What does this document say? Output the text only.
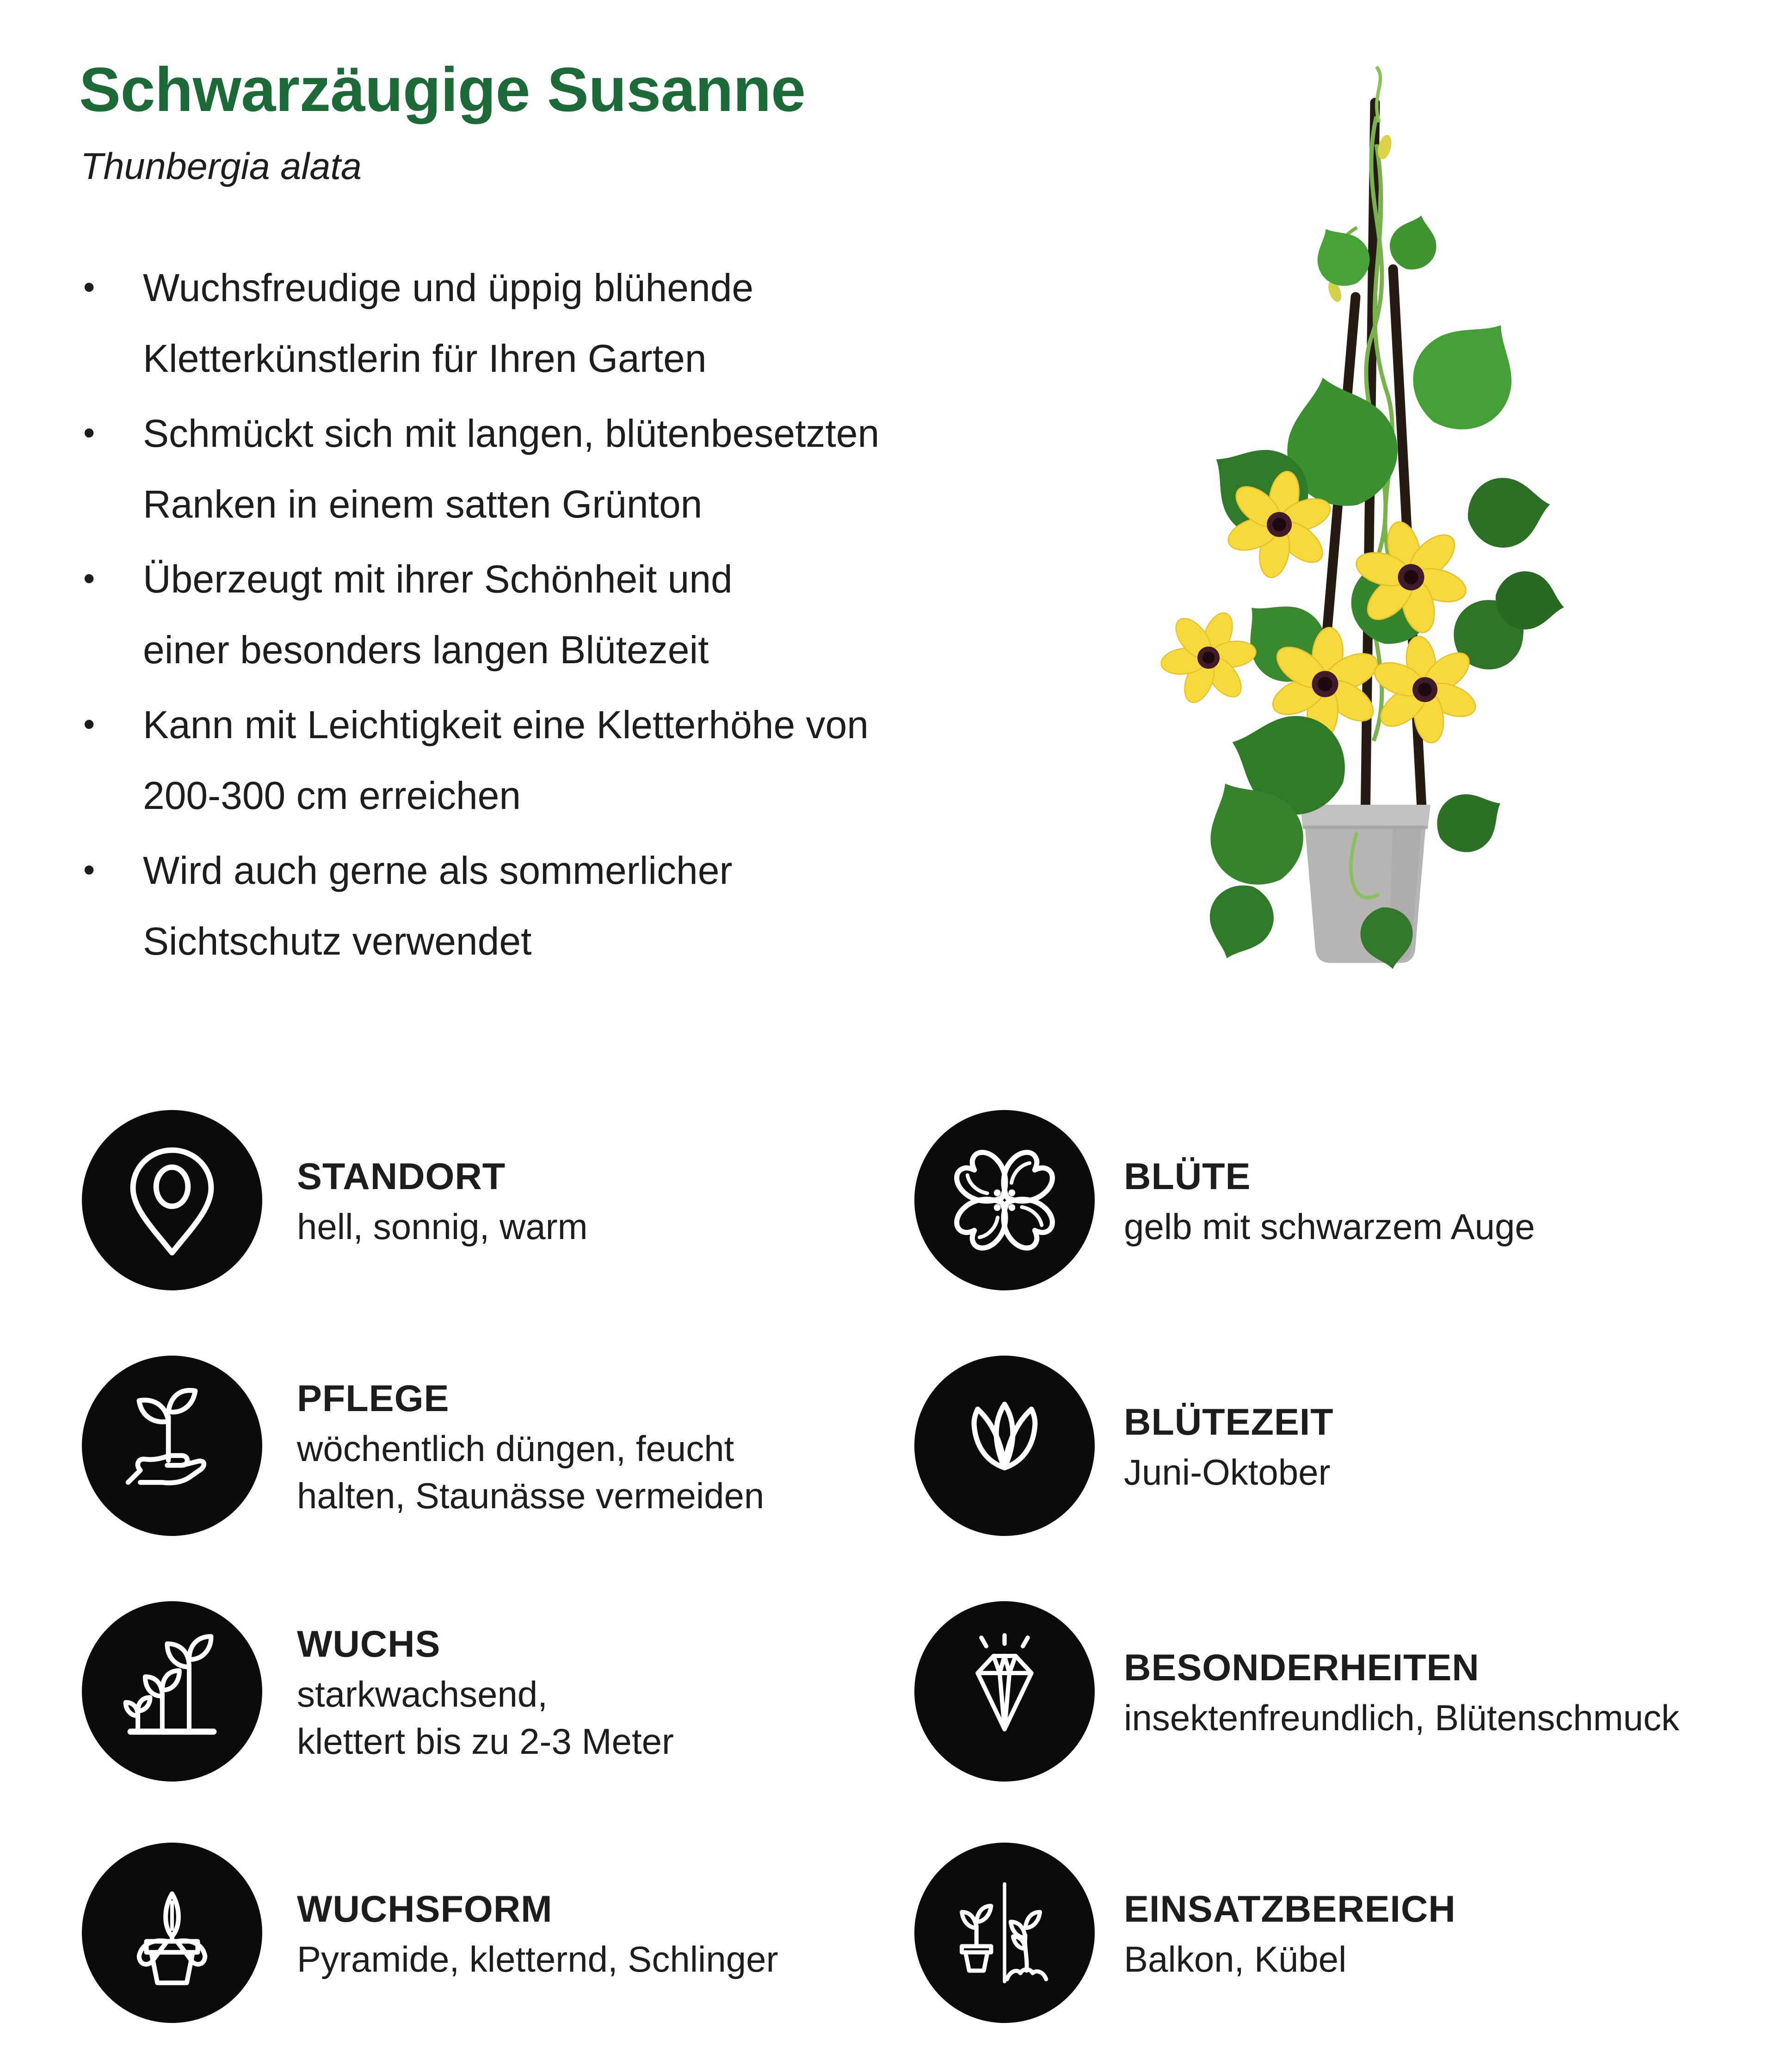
Schwarzäugige Susanne
Thunbergia alata
•
Wuchsfreudige und üppig blühende
Kletterkünstlerin für Ihren Garten
•
Schmückt sich mit langen, blütenbesetzten
Ranken in einem satten Grünton
•
Überzeugt mit ihrer Schönheit und
einer besonders langen Blütezeit
•
Kann mit Leichtigkeit eine Kletterhöhe von
200-300 cm erreichen
•
Wird auch gerne als sommerlicher
Sichtschutz verwendet
STANDORT
hell, sonnig, warm
BLÜTE
gelb mit schwarzem Auge
PFLEGE
wöchentlich düngen, feucht
halten, Staunässe vermeiden
BLÜTEZEIT
Juni-Oktober
WUCHS
starkwachsend,
klettert bis zu 2-3 Meter
BESONDERHEITEN
insektenfreundlich, Blütenschmuck
WUCHSFORM
Pyramide, kletternd, Schlinger
EINSATZBEREICH
Balkon, Kübel
